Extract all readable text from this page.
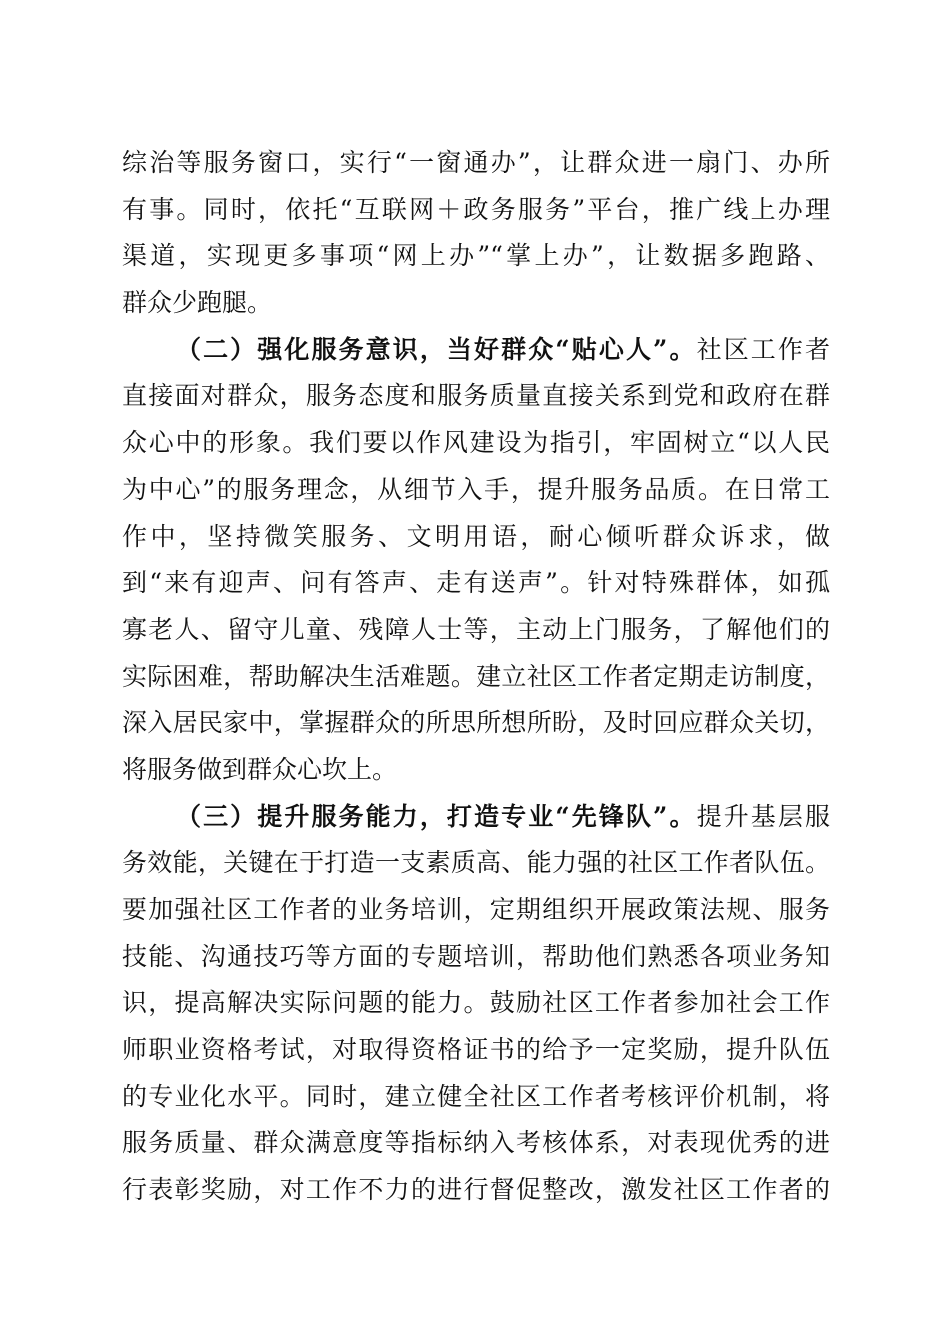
综治等服务窗口，实行“一窗通办”，让群众进一扇门、办所
有事。同时，依托“互联网＋政务服务”平台，推广线上办理
渠道，实现更多事项“网上办”“掌上办”，让数据多跑路、
群众少跑腿。
（二）强化服务意识，当好群众“贴心人”。社区工作者
直接面对群众，服务态度和服务质量直接关系到党和政府在群
众心中的形象。我们要以作风建设为指引，牢固树立“以人民
为中心”的服务理念，从细节入手，提升服务品质。在日常工
作中，坚持微笑服务、文明用语，耐心倾听群众诉求，做
到“来有迎声、问有答声、走有送声”。针对特殊群体，如孤
寡老人、留守儿童、残障人士等，主动上门服务，了解他们的
实际困难，帮助解决生活难题。建立社区工作者定期走访制度，
深入居民家中，掌握群众的所思所想所盼，及时回应群众关切，
将服务做到群众心坎上。
（三）提升服务能力，打造专业“先锋队”。提升基层服
务效能，关键在于打造一支素质高、能力强的社区工作者队伍。
要加强社区工作者的业务培训，定期组织开展政策法规、服务
技能、沟通技巧等方面的专题培训，帮助他们熟悉各项业务知
识，提高解决实际问题的能力。鼓励社区工作者参加社会工作
师职业资格考试，对取得资格证书的给予一定奖励，提升队伍
的专业化水平。同时，建立健全社区工作者考核评价机制，将
服务质量、群众满意度等指标纳入考核体系，对表现优秀的进
行表彰奖励，对工作不力的进行督促整改，激发社区工作者的
